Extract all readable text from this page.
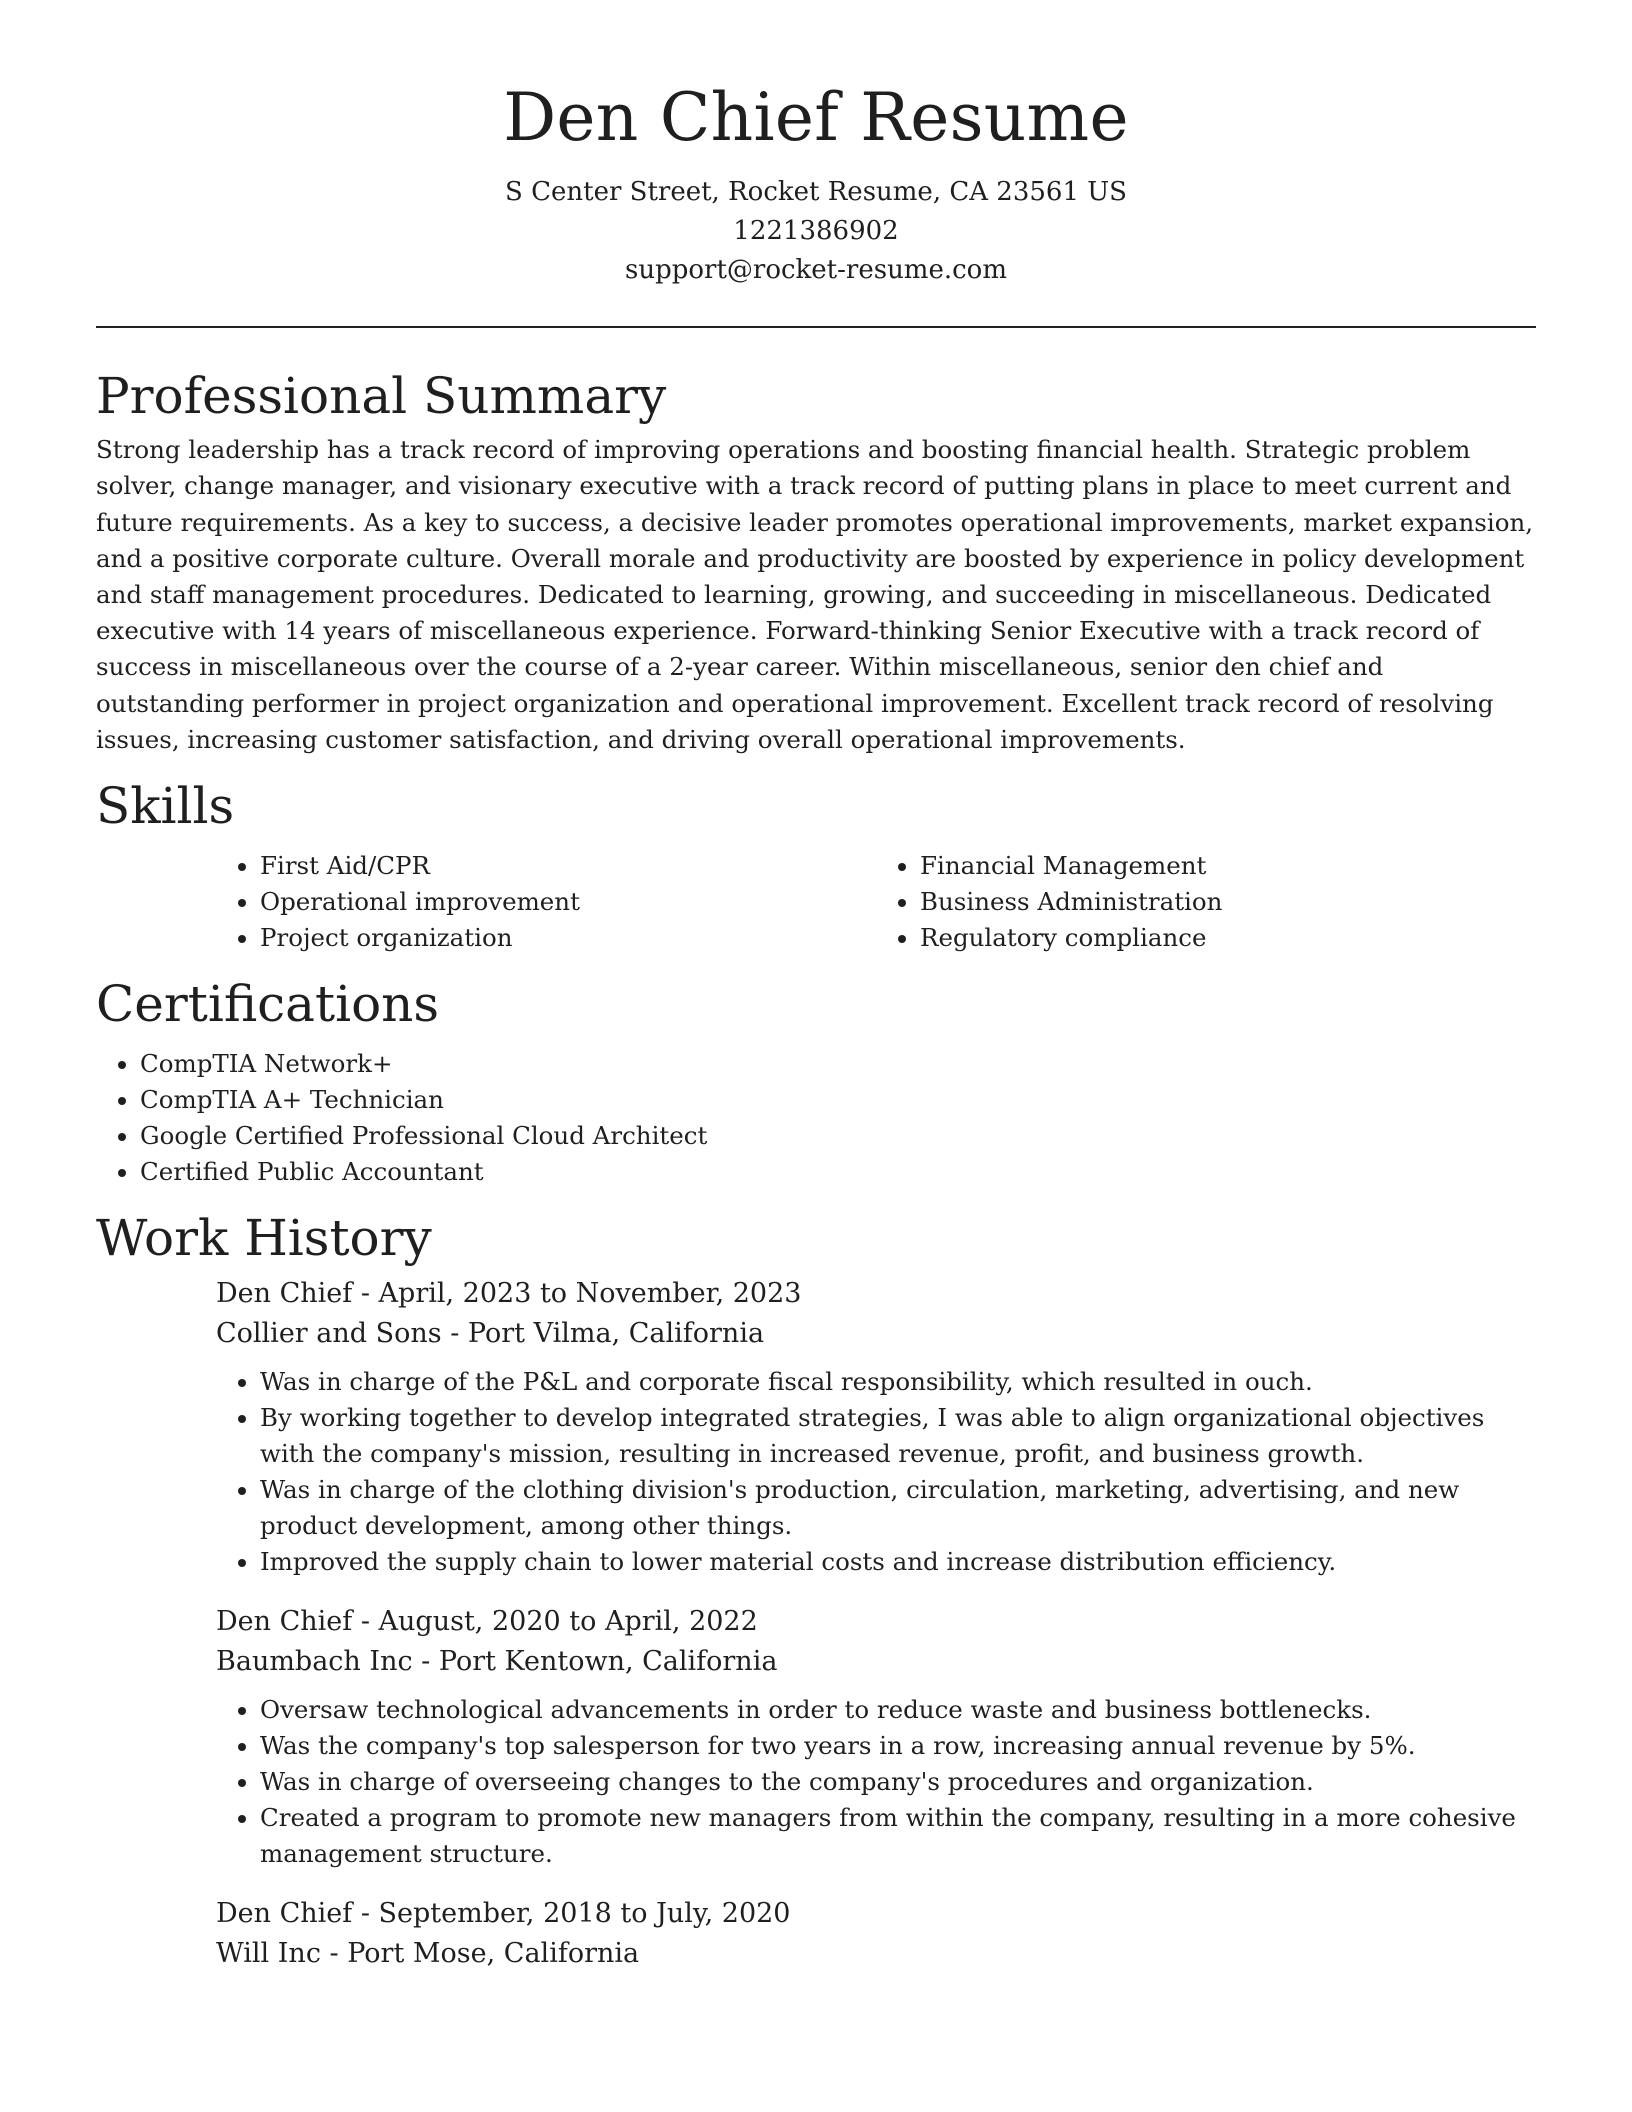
Den Chief Resume

S Center Street, Rocket Resume, CA 23561 US

1221386902

support@rocket-resume.com

Professional Summary

Strong leadership has a track record of improving operations and boosting financial health. Strategic problem solver, change manager, and visionary executive with a track record of putting plans in place to meet current and future requirements. As a key to success, a decisive leader promotes operational improvements, market expansion, and a positive corporate culture. Overall morale and productivity are boosted by experience in policy development and staff management procedures. Dedicated to learning, growing, and succeeding in miscellaneous. Dedicated executive with 14 years of miscellaneous experience. Forward-thinking Senior Executive with a track record of success in miscellaneous over the course of a 2-year career. Within miscellaneous, senior den chief and outstanding performer in project organization and operational improvement. Excellent track record of resolving issues, increasing customer satisfaction, and driving overall operational improvements.

Skills
• First Aid/CPR
• Operational improvement
• Project organization
• Financial Management
• Business Administration
• Regulatory compliance
Certifications
• CompTIA Network+
• CompTIA A+ Technician
• Google Certified Professional Cloud Architect
• Certified Public Accountant
Work History

Den Chief - April, 2023 to November, 2023

Collier and Sons - Port Vilma, California

• Was in charge of the P&L and corporate fiscal responsibility, which resulted in ouch.
• By working together to develop integrated strategies, I was able to align organizational objectives with the company's mission, resulting in increased revenue, profit, and business growth.
• Was in charge of the clothing division's production, circulation, marketing, advertising, and new product development, among other things.
• Improved the supply chain to lower material costs and increase distribution efficiency.

Den Chief - August, 2020 to April, 2022

Baumbach Inc - Port Kentown, California

• Oversaw technological advancements in order to reduce waste and business bottlenecks.
• Was the company's top salesperson for two years in a row, increasing annual revenue by 5%.
• Was in charge of overseeing changes to the company's procedures and organization.
• Created a program to promote new managers from within the company, resulting in a more cohesive management structure.

Den Chief - September, 2018 to July, 2020

Will Inc - Port Mose, California
